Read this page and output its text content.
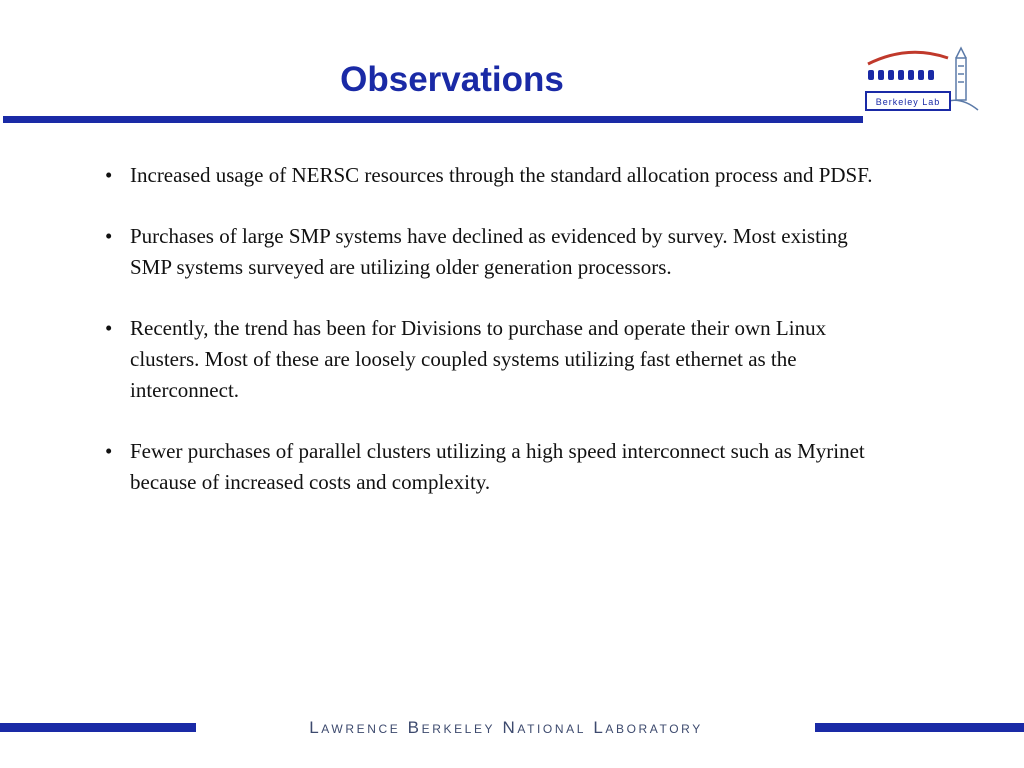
Observations
Berkeley Lab
• Increased usage of NERSC resources through the standard allocation process and PDSF.
• Purchases of large SMP systems have declined as evidenced by survey. Most existing SMP systems surveyed are utilizing older generation processors.
• Recently, the trend has been for Divisions to purchase and operate their own Linux clusters. Most of these are loosely coupled systems utilizing fast ethernet as the interconnect.
• Fewer purchases of parallel clusters utilizing a high speed interconnect such as Myrinet because of increased costs and complexity.
Lawrence Berkeley National Laboratory
